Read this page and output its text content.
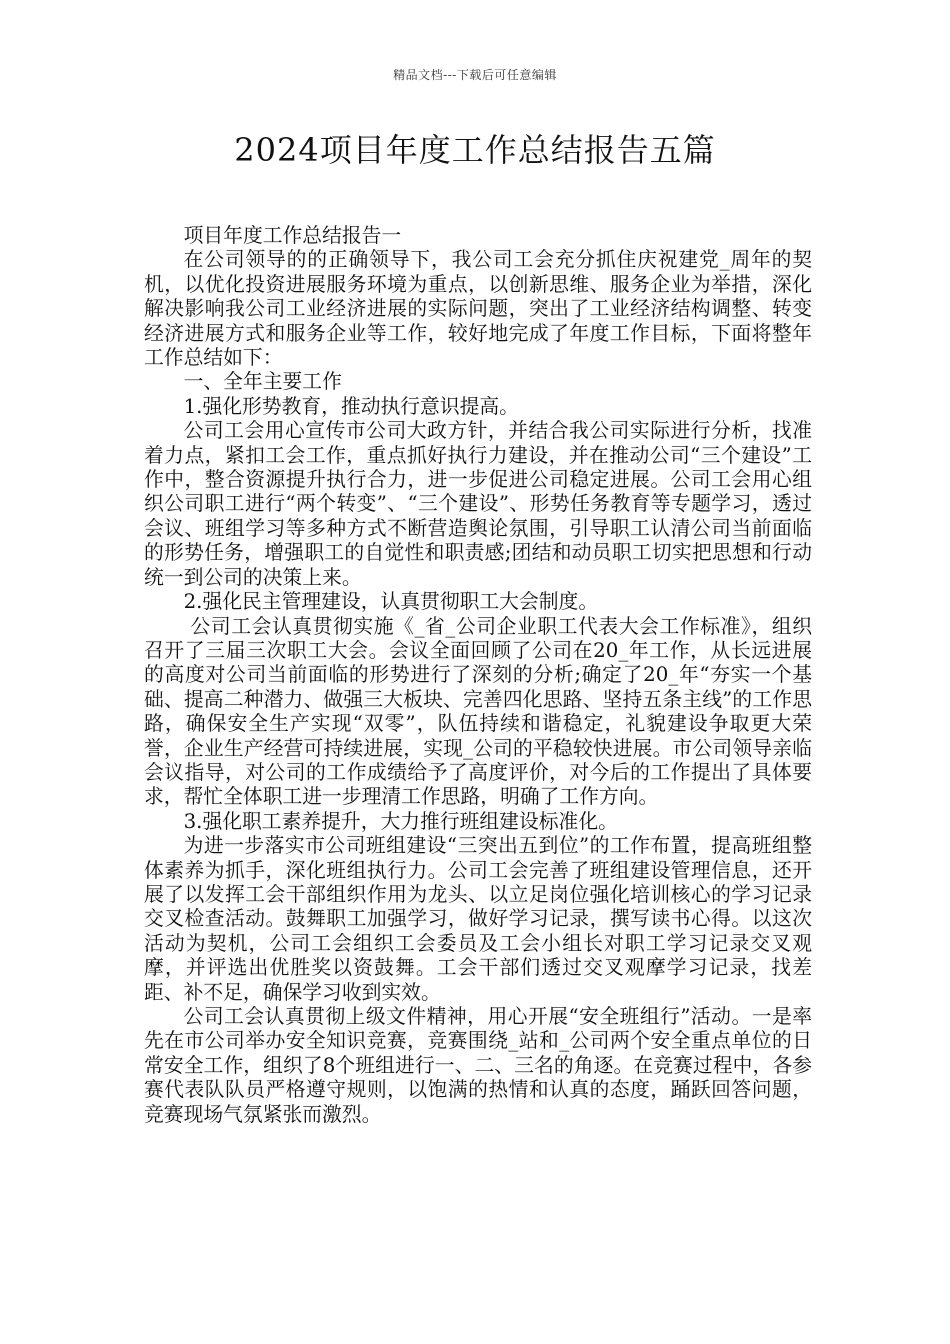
精品文档---下载后可任意编辑
2024项目年度工作总结报告五篇

项目年度工作总结报告一

在公司领导的的正确领导下，我公司工会充分抓住庆祝建党_周年的契机，以优化投资进展服务环境为重点，以创新思维、服务企业为举措，深化解决影响我公司工业经济进展的实际问题，突出了工业经济结构调整、转变经济进展方式和服务企业等工作，较好地完成了年度工作目标，下面将整年工作总结如下：

一、全年主要工作

1.强化形势教育，推动执行意识提高。

公司工会用心宣传市公司大政方针，并结合我公司实际进行分析，找准着力点，紧扣工会工作，重点抓好执行力建设，并在推动公司“三个建设”工作中，整合资源提升执行合力，进一步促进公司稳定进展。公司工会用心组织公司职工进行“两个转变”、“三个建设”、形势任务教育等专题学习，透过会议、班组学习等多种方式不断营造舆论氛围，引导职工认清公司当前面临的形势任务，增强职工的自觉性和职责感;团结和动员职工切实把思想和行动统一到公司的决策上来。

2.强化民主管理建设，认真贯彻职工大会制度。

公司工会认真贯彻实施《_省_公司企业职工代表大会工作标准》，组织召开了三届三次职工大会。会议全面回顾了公司在20_年工作，从长远进展的高度对公司当前面临的形势进行了深刻的分析;确定了20_年“夯实一个基础、提高二种潜力、做强三大板块、完善四化思路、坚持五条主线”的工作思路，确保安全生产实现“双零”，队伍持续和谐稳定，礼貌建设争取更大荣誉，企业生产经营可持续进展，实现_公司的平稳较快进展。市公司领导亲临会议指导，对公司的工作成绩给予了高度评价，对今后的工作提出了具体要求，帮忙全体职工进一步理清工作思路，明确了工作方向。

3.强化职工素养提升，大力推行班组建设标准化。

为进一步落实市公司班组建设“三突出五到位”的工作布置，提高班组整体素养为抓手，深化班组执行力。公司工会完善了班组建设管理信息，还开展了以发挥工会干部组织作用为龙头、以立足岗位强化培训核心的学习记录交叉检查活动。鼓舞职工加强学习，做好学习记录，撰写读书心得。以这次活动为契机，公司工会组织工会委员及工会小组长对职工学习记录交叉观摩，并评选出优胜奖以资鼓舞。工会干部们透过交叉观摩学习记录，找差距、补不足，确保学习收到实效。

公司工会认真贯彻上级文件精神，用心开展“安全班组行”活动。一是率先在市公司举办安全知识竞赛，竞赛围绕_站和_公司两个安全重点单位的日常安全工作，组织了8个班组进行一、二、三名的角逐。在竞赛过程中，各参赛代表队队员严格遵守规则，以饱满的热情和认真的态度，踊跃回答问题，竞赛现场气氛紧张而激烈。
